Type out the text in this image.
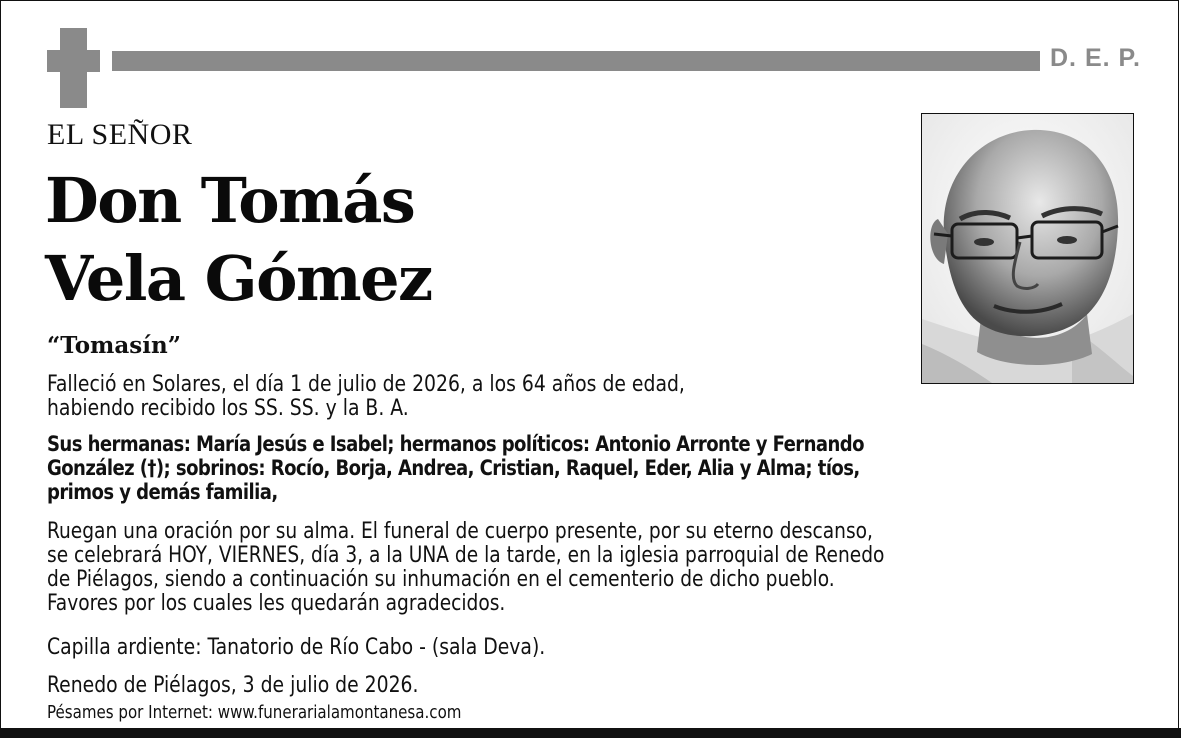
D. E. P.
EL SEÑOR
Don Tomás
Vela Gómez
“Tomasín”
Falleció en Solares, el día 1 de julio de 2026, a los 64 años de edad,
habiendo recibido los SS. SS. y la B. A.
Sus hermanas: María Jesús e Isabel; hermanos políticos: Antonio Arronte y Fernando
González (†); sobrinos: Rocío, Borja, Andrea, Cristian, Raquel, Eder, Alia y Alma; tíos,
primos y demás familia,
Ruegan una oración por su alma. El funeral de cuerpo presente, por su eterno descanso,
se celebrará HOY, VIERNES, día 3, a la UNA de la tarde, en la iglesia parroquial de Renedo
de Piélagos, siendo a continuación su inhumación en el cementerio de dicho pueblo.
Favores por los cuales les quedarán agradecidos.
Capilla ardiente: Tanatorio de Río Cabo - (sala Deva).
Renedo de Piélagos, 3 de julio de 2026.
Pésames por Internet: www.funerarialamontanesa.com
